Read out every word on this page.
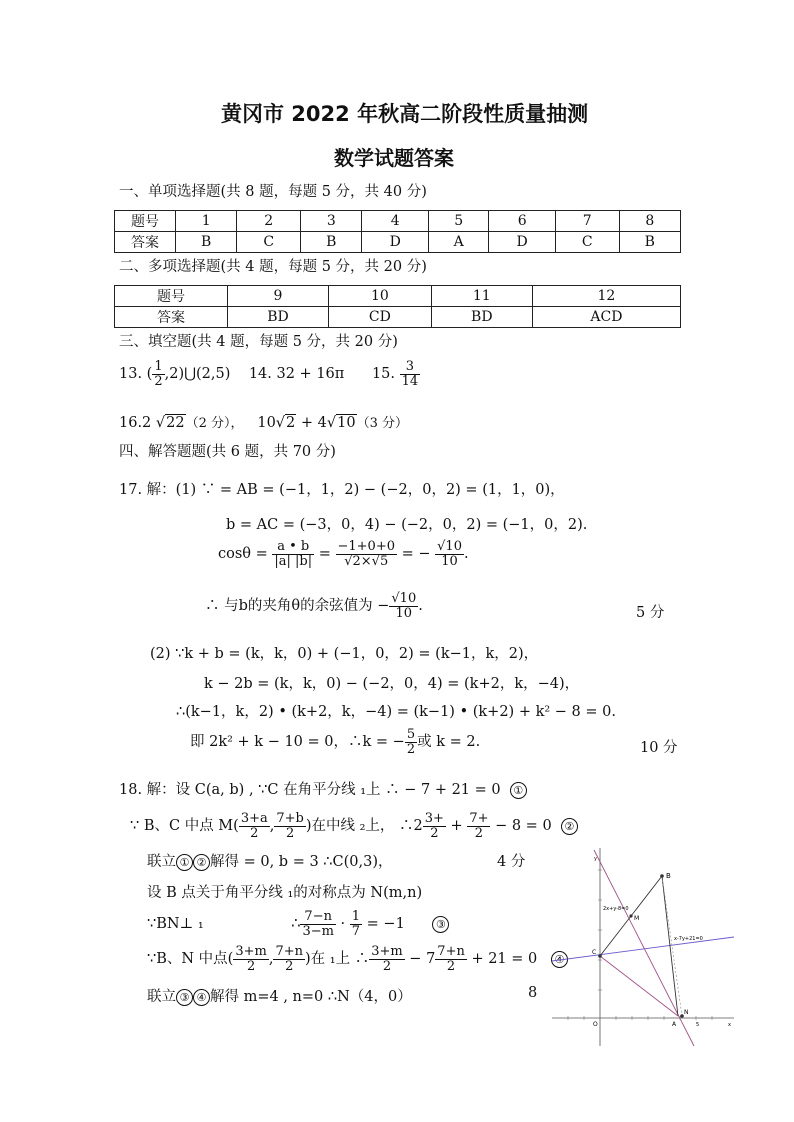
黄冈市 2022 年秋高二阶段性质量抽测
数学试题答案
一、单项选择题(共 8 题，每题 5 分，共 40 分)
题号	1	2	3	4	5	6	7	8
答案	B	C	B	D	A	D	C	B
二、多项选择题(共 4 题，每题 5 分，共 20 分)
题号	9	10	11	12
答案	BD	CD	BD	ACD
三、填空题(共 4 题，每题 5 分，共 20 分)
13. ( $\frac{1}{2}$ ,2)⋃(2,5) 14. 32 + 16π 15. $\frac{3}{14}$
16.2 √22（2 分）， 10√2 + 4√10（3 分）
四、解答题题(共 6 题，共 70 分)
17. 解：(1) ∵ = AB = (−1，1，2) − (−2，0，2) = (1，1，0)，
b = AC = (−3，0，4) − (−2，0，2) = (−1，0，2).
$\cos\theta = \frac{a • b}{|a| |b|} = \frac{-1+0+0}{√2\times√5}$ = − $\frac{√10}{10}$ .
∴ 与b的夹角θ的余弦值为 − $\frac{√10}{10}$ .	5 分
(2) ∵k + b = (k，k，0) + (−1，0，2) = (k−1，k，2)，
k − 2b = (k，k，0) − (−2，0，4) = (k+2，k，−4)，
∴(k−1，k，2) • (k+2，k，−4) = (k−1) • (k+2) + k² − 8 = 0.
即 2k² + k − 10 = 0，∴k = − $\frac{5}{2}$ 或 k = 2.	10 分
18. 解：设 C(a, b) , ∵C 在角平分线 ₁上 ∴ − 7 + 21 = 0 ①
∵ B、C 中点 $M( \frac{3+a}{2}$ , $\frac{7+b}{2}$ )在中线 ₂上， ∴2 $\frac{3+}{2} + \frac{7+}{2} - 8 = 0$ ②
联立 ① ② 解得 = 0, b = 3 ∴C(0,3)，	4 分
设 B 点关于角平分线 ₁的对称点为 N(m,n)
∵BN⊥ ₁	∴ $\frac{7-n}{3-m} \cdot \frac{1}{7} = -1$	③
∵B、N 中点( $\frac{3+m}{2}$ , $\frac{7+n}{2}$ )在 ₁上 ∴ $\frac{3+m}{2} - 7 \frac{7+n}{2} + 21 = 0$ ④
联立 ③ ④ 解得 m=4 , n=0 ∴N（4，0）	8
B
M
C
N
A
O	5
2x+y-8=0
x-7y+21=0
y
x
